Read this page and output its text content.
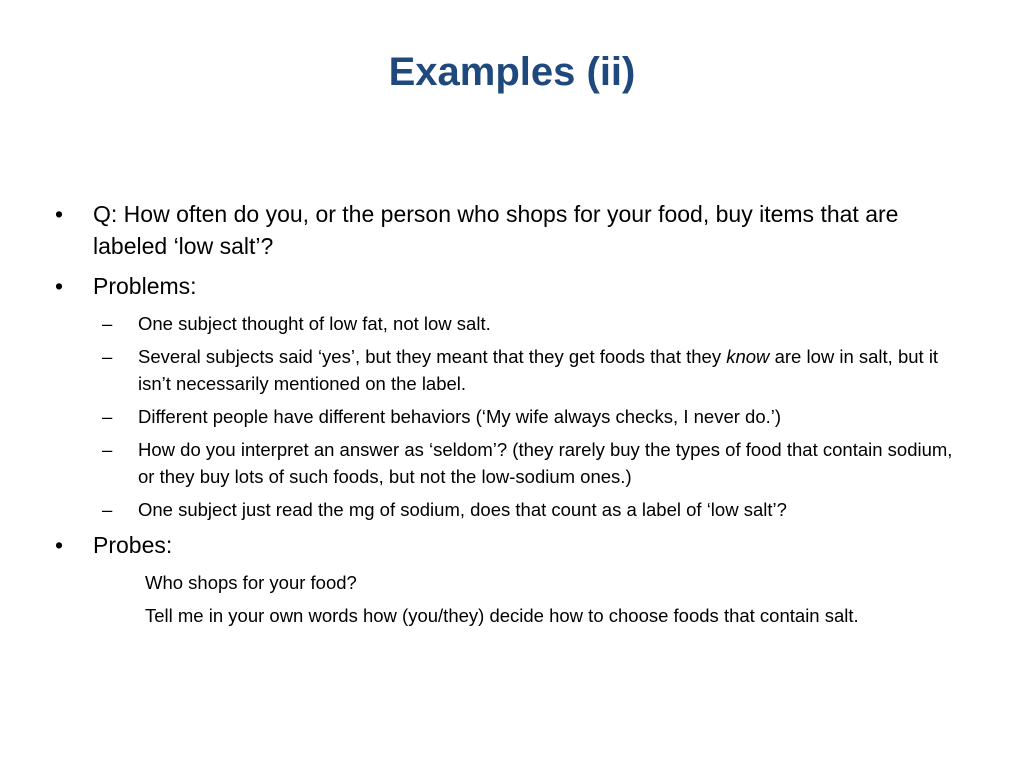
Examples (ii)
•	Q: How often do you, or the person who shops for your food, buy items that are labeled ‘low salt’?
•	Problems:
– One subject thought of low fat, not low salt.
– Several subjects said ‘yes’, but they meant that they get foods that they know are low in salt, but it isn’t necessarily mentioned on the label.
– Different people have different behaviors (‘My wife always checks, I never do.’)
– How do you interpret an answer as ‘seldom’? (they rarely buy the types of food that contain sodium, or they buy lots of such foods, but not the low-sodium ones.)
– One subject just read the mg of sodium, does that count as a label of ‘low salt’?
•	Probes:
Who shops for your food?
Tell me in your own words how (you/they) decide how to choose foods that contain salt.
